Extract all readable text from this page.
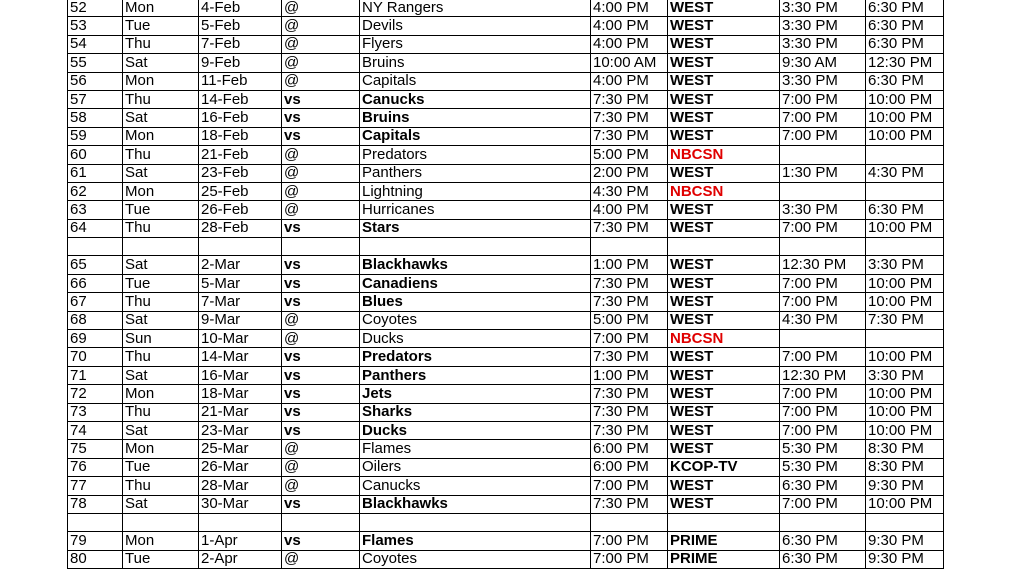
52	Mon	4-Feb	@	NY Rangers	4:00 PM	WEST	3:30 PM	6:30 PM
53	Tue	5-Feb	@	Devils	4:00 PM	WEST	3:30 PM	6:30 PM
54	Thu	7-Feb	@	Flyers	4:00 PM	WEST	3:30 PM	6:30 PM
55	Sat	9-Feb	@	Bruins	10:00 AM	WEST	9:30 AM	12:30 PM
56	Mon	11-Feb	@	Capitals	4:00 PM	WEST	3:30 PM	6:30 PM
57	Thu	14-Feb	vs	Canucks	7:30 PM	WEST	7:00 PM	10:00 PM
58	Sat	16-Feb	vs	Bruins	7:30 PM	WEST	7:00 PM	10:00 PM
59	Mon	18-Feb	vs	Capitals	7:30 PM	WEST	7:00 PM	10:00 PM
60	Thu	21-Feb	@	Predators	5:00 PM	NBCSN		
61	Sat	23-Feb	@	Panthers	2:00 PM	WEST	1:30 PM	4:30 PM
62	Mon	25-Feb	@	Lightning	4:30 PM	NBCSN		
63	Tue	26-Feb	@	Hurricanes	4:00 PM	WEST	3:30 PM	6:30 PM
64	Thu	28-Feb	vs	Stars	7:30 PM	WEST	7:00 PM	10:00 PM

65	Sat	2-Mar	vs	Blackhawks	1:00 PM	WEST	12:30 PM	3:30 PM
66	Tue	5-Mar	vs	Canadiens	7:30 PM	WEST	7:00 PM	10:00 PM
67	Thu	7-Mar	vs	Blues	7:30 PM	WEST	7:00 PM	10:00 PM
68	Sat	9-Mar	@	Coyotes	5:00 PM	WEST	4:30 PM	7:30 PM
69	Sun	10-Mar	@	Ducks	7:00 PM	NBCSN		
70	Thu	14-Mar	vs	Predators	7:30 PM	WEST	7:00 PM	10:00 PM
71	Sat	16-Mar	vs	Panthers	1:00 PM	WEST	12:30 PM	3:30 PM
72	Mon	18-Mar	vs	Jets	7:30 PM	WEST	7:00 PM	10:00 PM
73	Thu	21-Mar	vs	Sharks	7:30 PM	WEST	7:00 PM	10:00 PM
74	Sat	23-Mar	vs	Ducks	7:30 PM	WEST	7:00 PM	10:00 PM
75	Mon	25-Mar	@	Flames	6:00 PM	WEST	5:30 PM	8:30 PM
76	Tue	26-Mar	@	Oilers	6:00 PM	KCOP-TV	5:30 PM	8:30 PM
77	Thu	28-Mar	@	Canucks	7:00 PM	WEST	6:30 PM	9:30 PM
78	Sat	30-Mar	vs	Blackhawks	7:30 PM	WEST	7:00 PM	10:00 PM

79	Mon	1-Apr	vs	Flames	7:00 PM	PRIME	6:30 PM	9:30 PM
80	Tue	2-Apr	@	Coyotes	7:00 PM	PRIME	6:30 PM	9:30 PM
